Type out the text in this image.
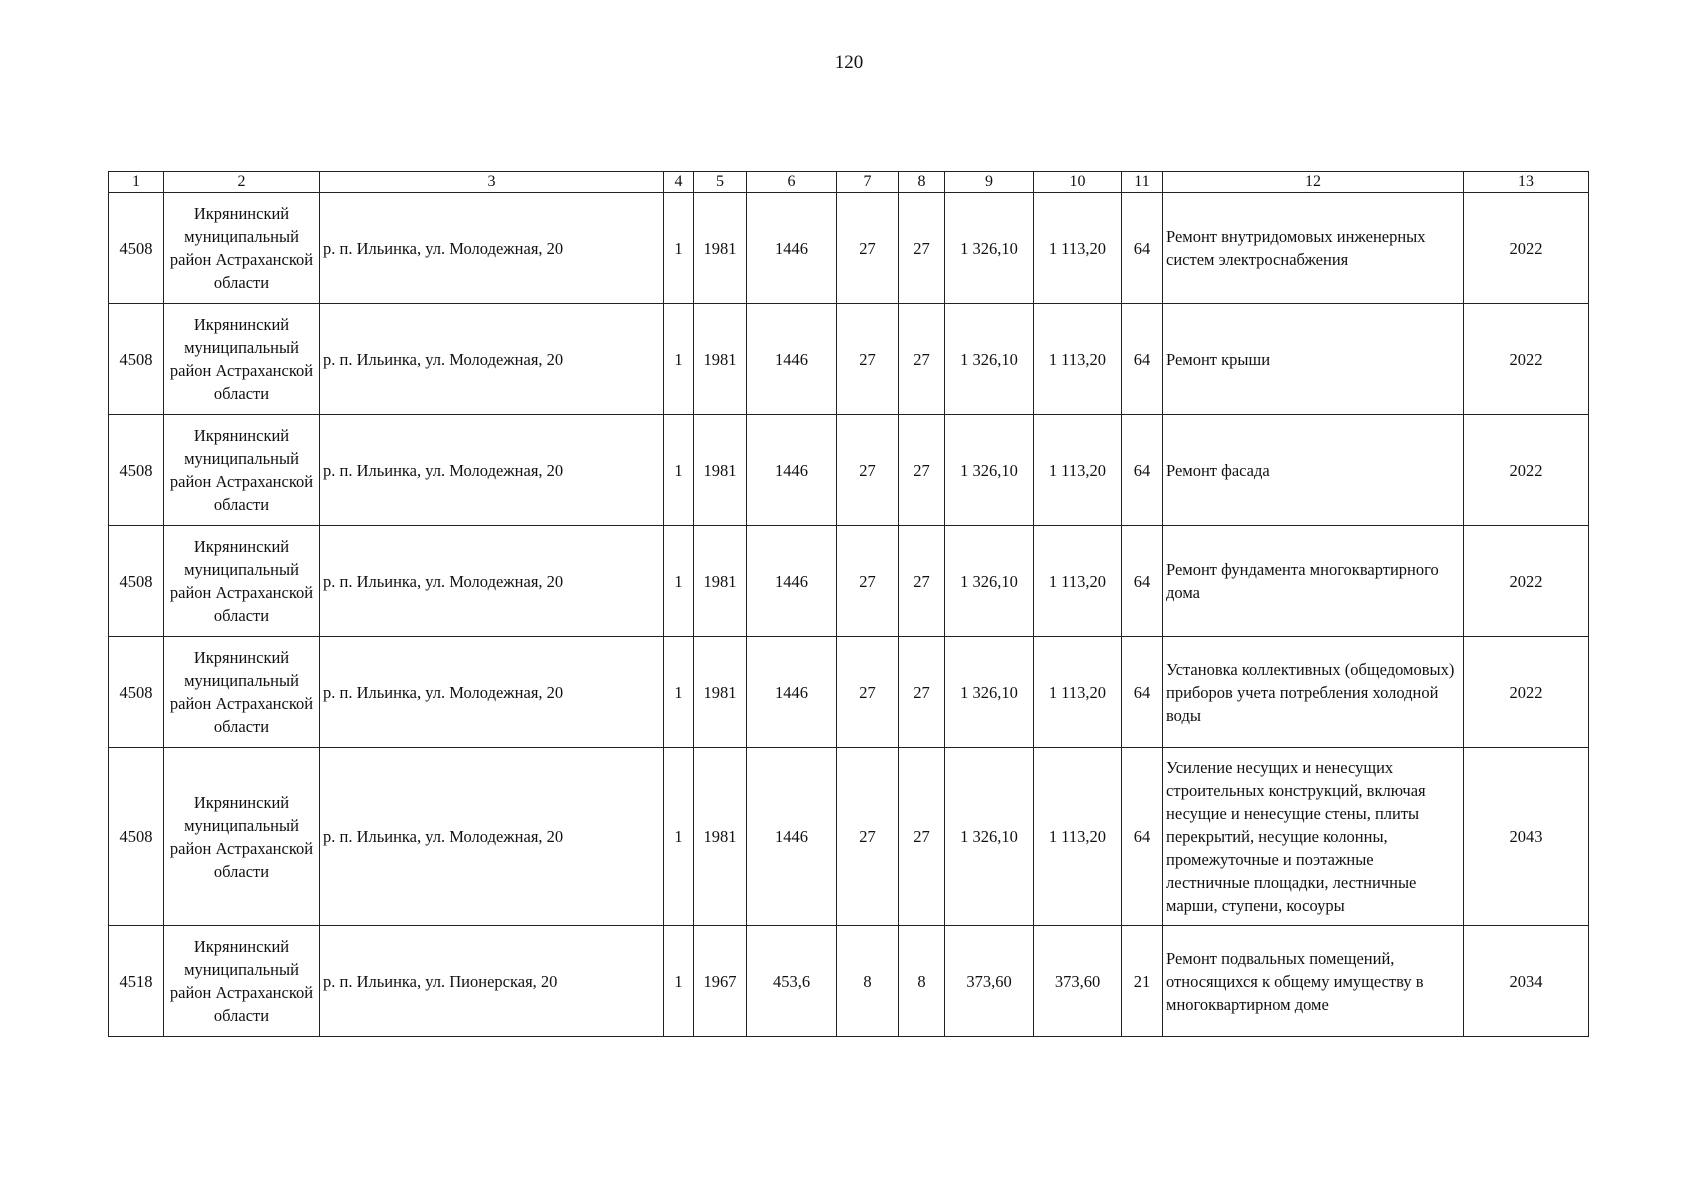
120
1	2	3	4	5	6	7	8	9	10	11	12	13
4508	Икрянинский муниципальный район Астраханской области	р. п. Ильинка, ул. Молодежная, 20	1	1981	1446	27	27	1 326,10	1 113,20	64	Ремонт внутридомовых инженерных систем электроснабжения	2022
4508	Икрянинский муниципальный район Астраханской области	р. п. Ильинка, ул. Молодежная, 20	1	1981	1446	27	27	1 326,10	1 113,20	64	Ремонт крыши	2022
4508	Икрянинский муниципальный район Астраханской области	р. п. Ильинка, ул. Молодежная, 20	1	1981	1446	27	27	1 326,10	1 113,20	64	Ремонт фасада	2022
4508	Икрянинский муниципальный район Астраханской области	р. п. Ильинка, ул. Молодежная, 20	1	1981	1446	27	27	1 326,10	1 113,20	64	Ремонт фундамента многоквартирного дома	2022
4508	Икрянинский муниципальный район Астраханской области	р. п. Ильинка, ул. Молодежная, 20	1	1981	1446	27	27	1 326,10	1 113,20	64	Установка коллективных (общедомовых) приборов учета потребления холодной воды	2022
4508	Икрянинский муниципальный район Астраханской области	р. п. Ильинка, ул. Молодежная, 20	1	1981	1446	27	27	1 326,10	1 113,20	64	Усиление несущих и ненесущих строительных конструкций, включая несущие и ненесущие стены, плиты перекрытий, несущие колонны, промежуточные и поэтажные лестничные площадки, лестничные марши, ступени, косоуры	2043
4518	Икрянинский муниципальный район Астраханской области	р. п. Ильинка, ул. Пионерская, 20	1	1967	453,6	8	8	373,60	373,60	21	Ремонт подвальных помещений, относящихся к общему имуществу в многоквартирном доме	2034
